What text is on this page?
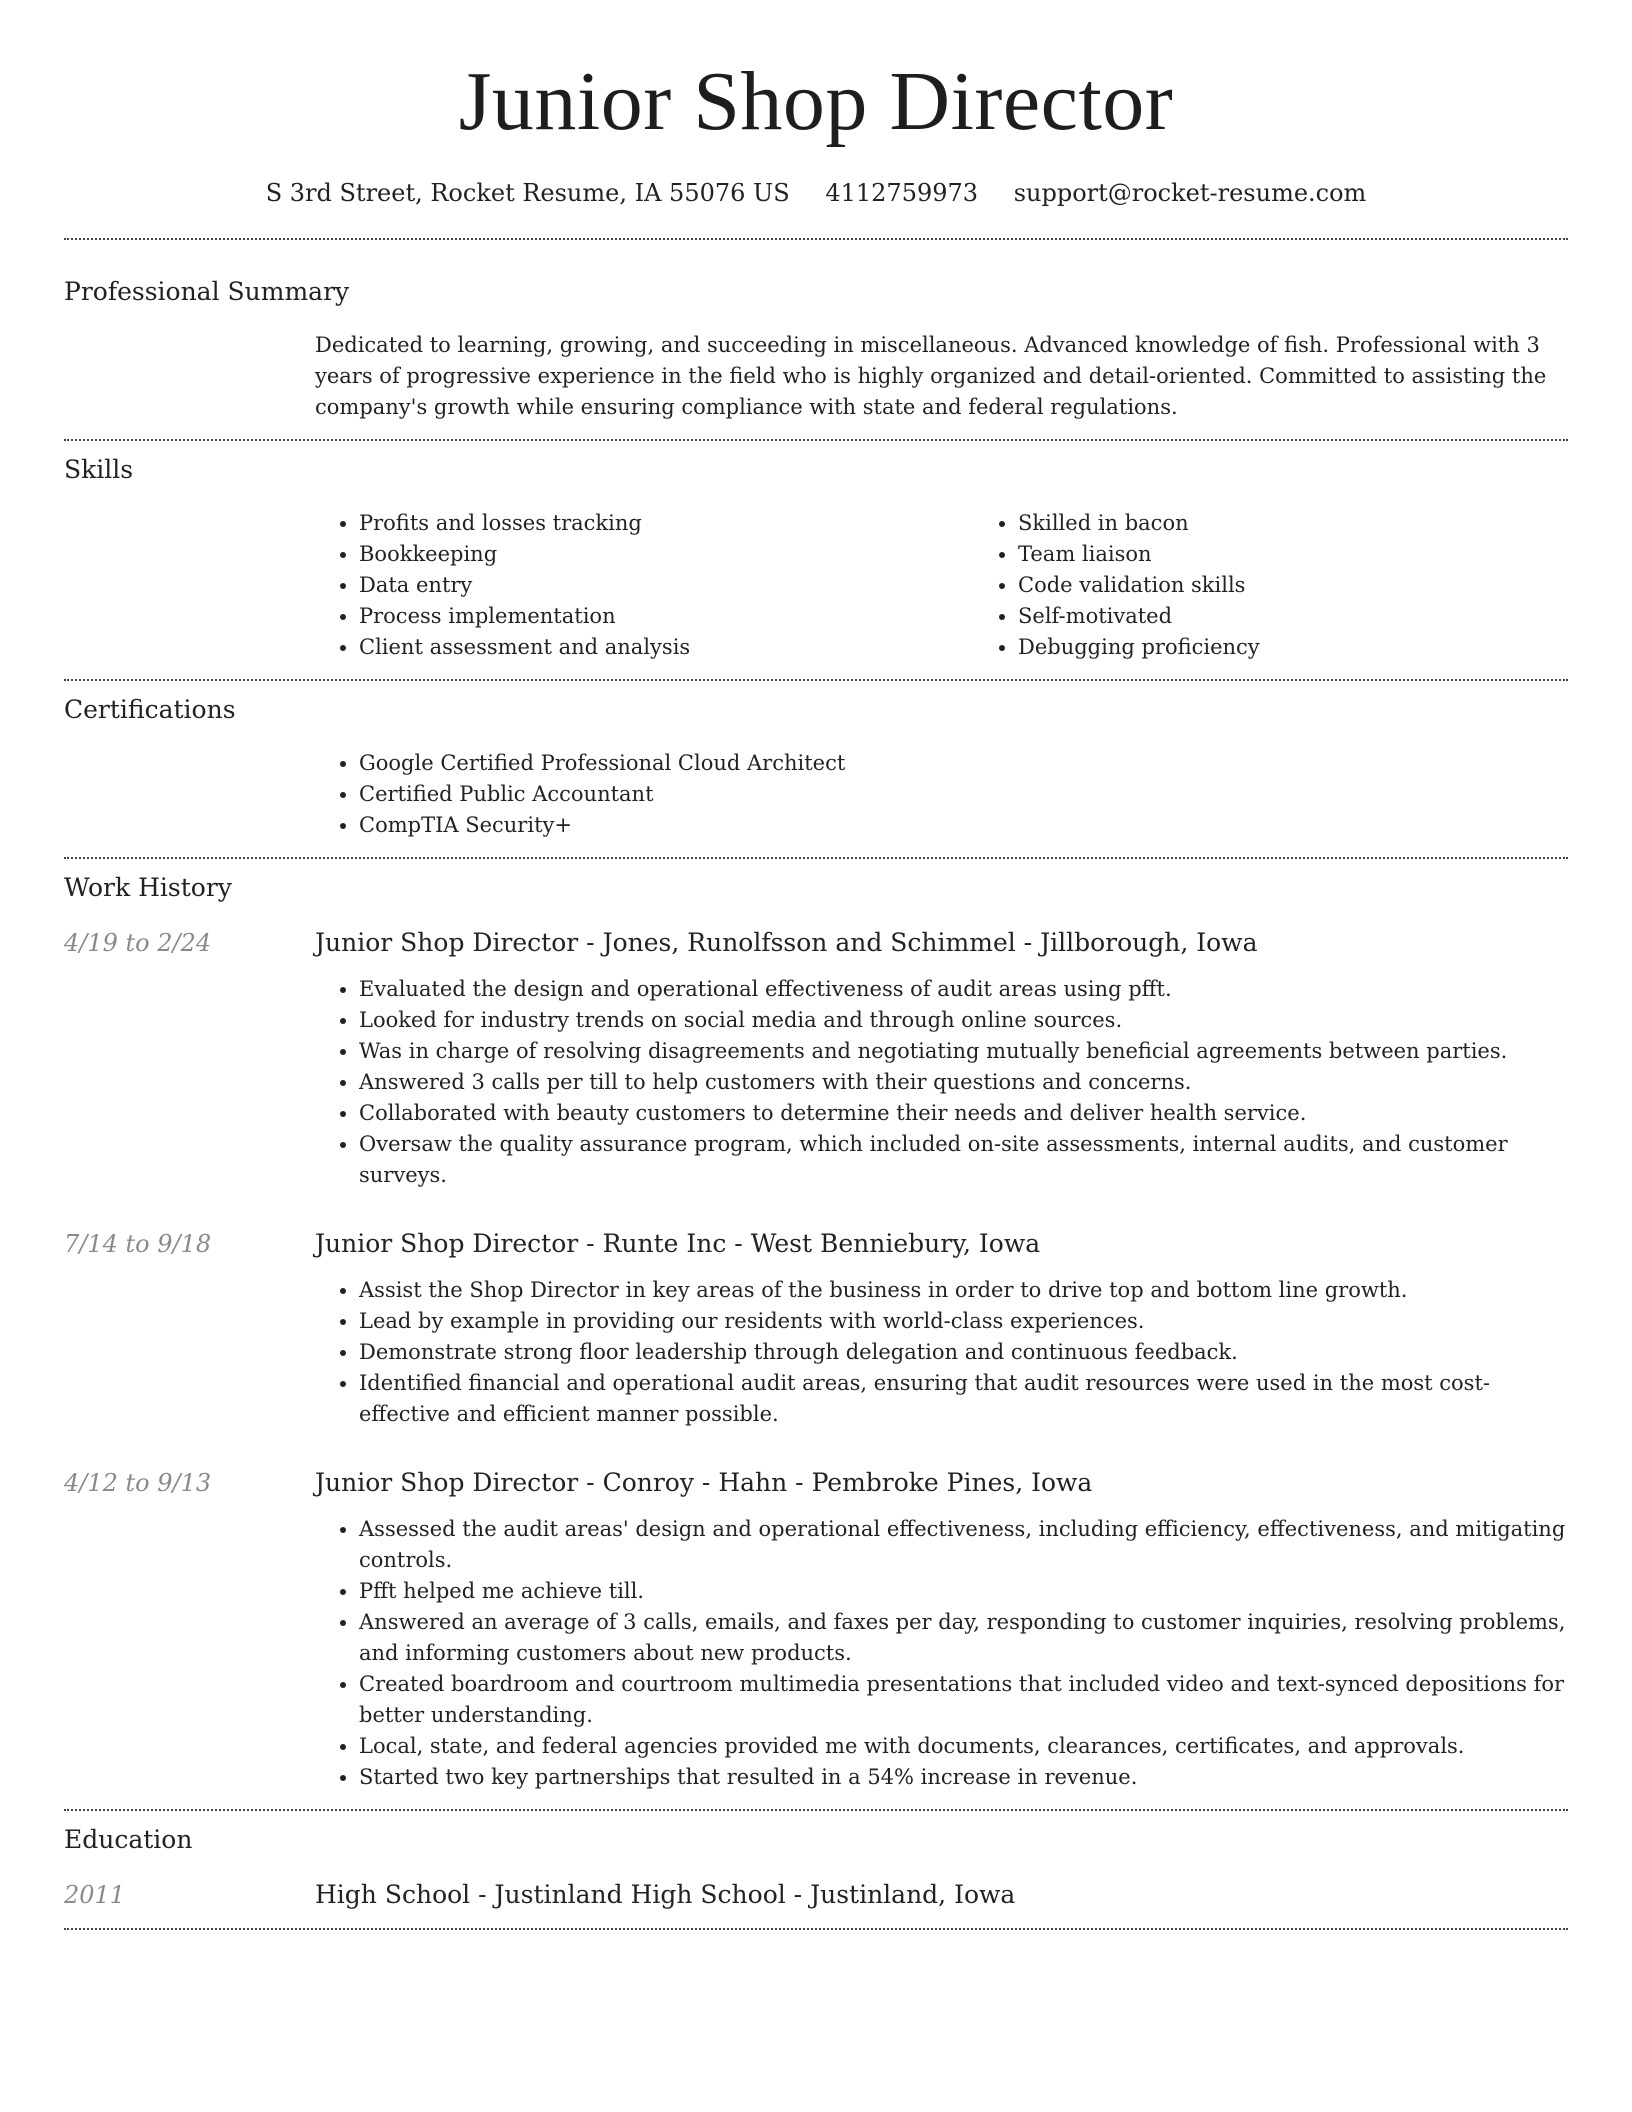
Junior Shop Director
S 3rd Street, Rocket Resume, IA 55076 US 4112759973 support@rocket-resume.com
Professional Summary
Dedicated to learning, growing, and succeeding in miscellaneous. Advanced knowledge of fish. Professional with 3 years of progressive experience in the field who is highly organized and detail-oriented. Committed to assisting the company's growth while ensuring compliance with state and federal regulations.
Skills
• Profits and losses tracking
• Bookkeeping
• Data entry
• Process implementation
• Client assessment and analysis
• Skilled in bacon
• Team liaison
• Code validation skills
• Self-motivated
• Debugging proficiency
Certifications
• Google Certified Professional Cloud Architect
• Certified Public Accountant
• CompTIA Security+
Work History
4/19 to 2/24	Junior Shop Director - Jones, Runolfsson and Schimmel - Jillborough, Iowa
• Evaluated the design and operational effectiveness of audit areas using pfft.
• Looked for industry trends on social media and through online sources.
• Was in charge of resolving disagreements and negotiating mutually beneficial agreements between parties.
• Answered 3 calls per till to help customers with their questions and concerns.
• Collaborated with beauty customers to determine their needs and deliver health service.
• Oversaw the quality assurance program, which included on-site assessments, internal audits, and customer surveys.
7/14 to 9/18	Junior Shop Director - Runte Inc - West Benniebury, Iowa
• Assist the Shop Director in key areas of the business in order to drive top and bottom line growth.
• Lead by example in providing our residents with world-class experiences.
• Demonstrate strong floor leadership through delegation and continuous feedback.
• Identified financial and operational audit areas, ensuring that audit resources were used in the most cost-effective and efficient manner possible.
4/12 to 9/13	Junior Shop Director - Conroy - Hahn - Pembroke Pines, Iowa
• Assessed the audit areas' design and operational effectiveness, including efficiency, effectiveness, and mitigating controls.
• Pfft helped me achieve till.
• Answered an average of 3 calls, emails, and faxes per day, responding to customer inquiries, resolving problems, and informing customers about new products.
• Created boardroom and courtroom multimedia presentations that included video and text-synced depositions for better understanding.
• Local, state, and federal agencies provided me with documents, clearances, certificates, and approvals.
• Started two key partnerships that resulted in a 54% increase in revenue.
Education
2011	High School - Justinland High School - Justinland, Iowa
